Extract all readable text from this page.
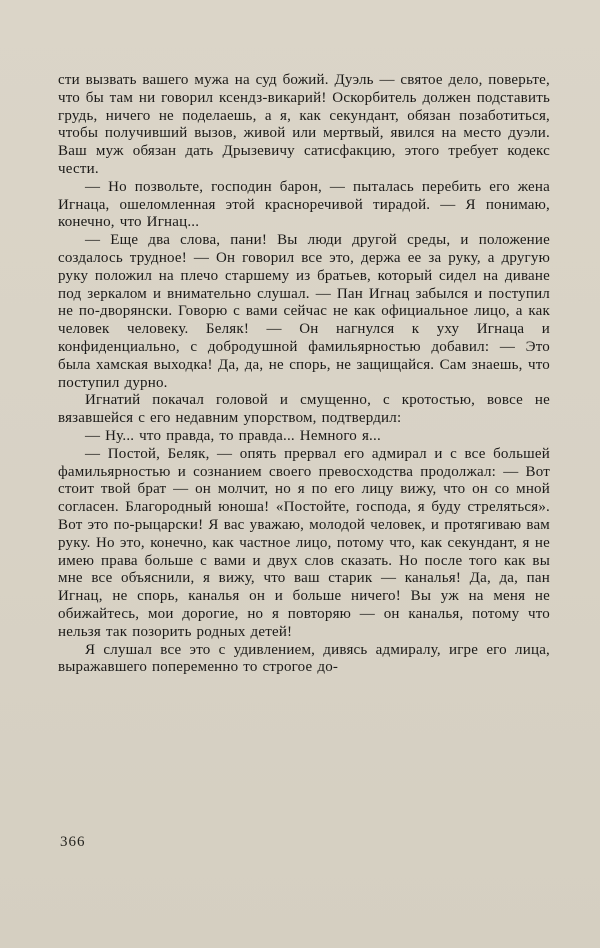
сти вызвать вашего мужа на суд божий. Дуэль — святое дело, поверьте, что бы там ни говорил ксендз-викарий! Оскорбитель должен подставить грудь, ничего не поделаешь, а я, как секундант, обязан позаботиться, чтобы получивший вызов, живой или мертвый, явился на место дуэли. Ваш муж обязан дать Дрызевичу сатисфакцию, этого требует кодекс чести.

— Но позвольте, господин барон, — пыталась перебить его жена Игнаца, ошеломленная этой красноречивой тирадой. — Я понимаю, конечно, что Игнац...

— Еще два слова, пани! Вы люди другой среды, и положение создалось трудное! — Он говорил все это, держа ее за руку, а другую руку положил на плечо старшему из братьев, который сидел на диване под зеркалом и внимательно слушал. — Пан Игнац забылся и поступил не по-дворянски. Говорю с вами сейчас не как официальное лицо, а как человек человеку. Беляк! — Он нагнулся к уху Игнаца и конфиденциально, с добродушной фамильярностью добавил: — Это была хамская выходка! Да, да, не спорь, не защищайся. Сам знаешь, что поступил дурно.

Игнатий покачал головой и смущенно, с кротостью, вовсе не вязавшейся с его недавним упорством, подтвердил:

— Ну... что правда, то правда... Немного я...

— Постой, Беляк, — опять прервал его адмирал и с все большей фамильярностью и сознанием своего превосходства продолжал: — Вот стоит твой брат — он молчит, но я по его лицу вижу, что он со мной согласен. Благородный юноша! «Постойте, господа, я буду стреляться». Вот это по-рыцарски! Я вас уважаю, молодой человек, и протягиваю вам руку. Но это, конечно, как частное лицо, потому что, как секундант, я не имею права больше с вами и двух слов сказать. Но после того как вы мне все объяснили, я вижу, что ваш старик — каналья! Да, да, пан Игнац, не спорь, каналья он и больше ничего! Вы уж на меня не обижайтесь, мои дорогие, но я повторяю — он каналья, потому что нельзя так позорить родных детей!

Я слушал все это с удивлением, дивясь адмиралу, игре его лица, выражавшего попеременно то строгое до-

366
